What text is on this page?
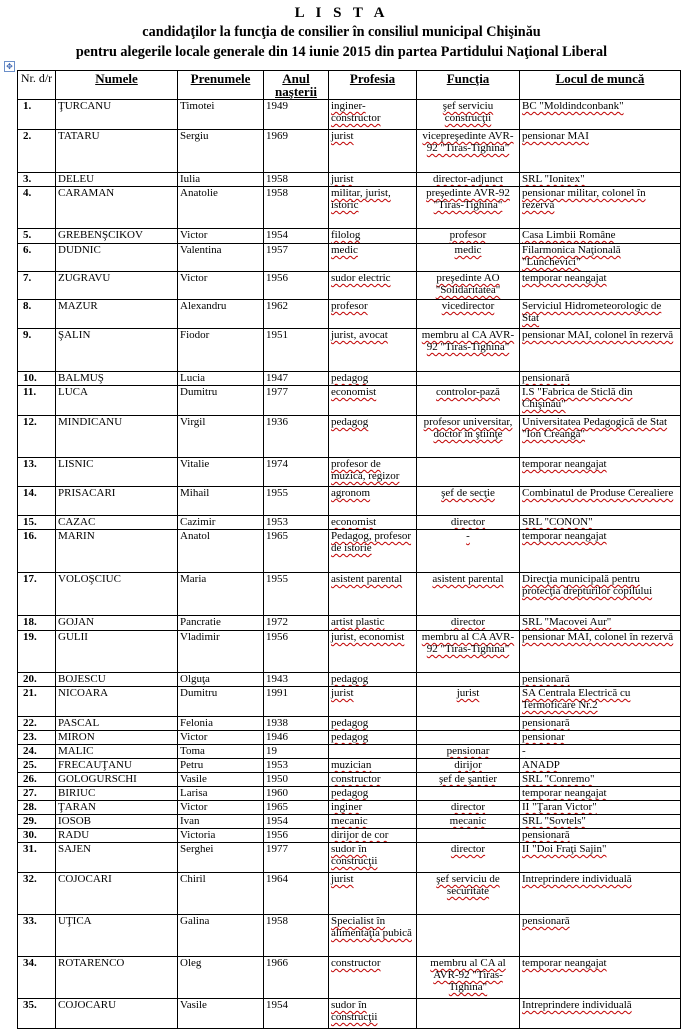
L I S T A
candidaţilor la funcţia de consilier în consiliul municipal Chişinău
pentru alegerile locale generale din 14 iunie 2015 din partea Partidului Naţional Liberal
✥
Nr. d/r	Numele	Prenumele	Anul naşterii	Profesia	Funcţia	Locul de muncă
1.	ŢURCANU	Timotei	1949	inginer-constructor	şef serviciu construcţii	BC "Moldindconbank"
2.	TATARU	Sergiu	1969	jurist	vicepreşedinte AVR-92 "Tiras-Tighina"	pensionar MAI
3.	DELEU	Iulia	1958	jurist	director-adjunct	SRL "Ionitex"
4.	CARAMAN	Anatolie	1958	militar, jurist, istoric	preşedinte AVR-92 "Tiras-Tighina"	pensionar militar, colonel în rezervă
5.	GREBENŞCIKOV	Victor	1954	filolog	profesor	Casa Limbii Române
6.	DUDNIC	Valentina	1957	medic	medic	Filarmonica Naţională "Lunchevici"
7.	ZUGRAVU	Victor	1956	sudor electric	preşedinte AO "Solidaritatea"	temporar neangajat
8.	MAZUR	Alexandru	1962	profesor	vicedirector	Serviciul Hidrometeorologic de Stat
9.	ŞALIN	Fiodor	1951	jurist, avocat	membru al CA AVR-92 "Tiras-Tighina"	pensionar MAI, colonel în rezervă
10.	BALMUŞ	Lucia	1947	pedagog		pensionară
11.	LUCA	Dumitru	1977	economist	controlor-pază	I.S "Fabrica de Sticlă din Chişinău"
12.	MINDICANU	Virgil	1936	pedagog	profesor universitar, doctor în ştiinţe	Universitatea Pedagogică de Stat "Ion Creangă"
13.	LISNIC	Vitalie	1974	profesor de muzică, regizor		temporar neangajat
14.	PRISACARI	Mihail	1955	agronom	şef de secţie	Combinatul de Produse Cerealiere
15.	CAZAC	Cazimir	1953	economist	director	SRL "CONON"
16.	MARIN	Anatol	1965	Pedagog, profesor de istorie	-	temporar neangajat
17.	VOLOŞCIUC	Maria	1955	asistent parental	asistent parental	Direcţia municipală pentru protecţia drepturilor copilului
18.	GOJAN	Pancratie	1972	artist plastic	director	SRL "Macovei Aur"
19.	GULII	Vladimir	1956	jurist, economist	membru al CA AVR-92 "Tiras-Tighina"	pensionar MAI, colonel în rezervă
20.	BOJESCU	Olguţa	1943	pedagog		pensionară
21.	NICOARA	Dumitru	1991	jurist	jurist	SA Centrala Electrică cu Termoficare Nr.2
22.	PASCAL	Felonia	1938	pedagog		pensionară
23.	MIRON	Victor	1946	pedagog		pensionar
24.	MALIC	Toma	19		pensionar	-
25.	FRECAUŢANU	Petru	1953	muzician	dirijor	ANADP
26.	GOLOGURSCHI	Vasile	1950	constructor	şef de şantier	SRL "Conremo"
27.	BIRIUC	Larisa	1960	pedagog		temporar neangajat
28.	ŢARAN	Victor	1965	inginer	director	II "Ţaran Victor"
29.	IOSOB	Ivan	1954	mecanic	mecanic	SRL "Sovtels"
30.	RADU	Victoria	1956	dirijor de cor		pensionară
31.	SAJEN	Serghei	1977	sudor în construcţii	director	II "Doi Fraţi Sajin"
32.	COJOCARI	Chiril	1964	jurist	şef serviciu de securitate	Intreprindere individuală
33.	UŢICA	Galina	1958	Specialist în alimentaţia pubică		pensionară
34.	ROTARENCO	Oleg	1966	constructor	membru al CA al AVR-92 "Tiras-Tighina"	temporar neangajat
35.	COJOCARU	Vasile	1954	sudor în construcţii		Intreprindere individuală
